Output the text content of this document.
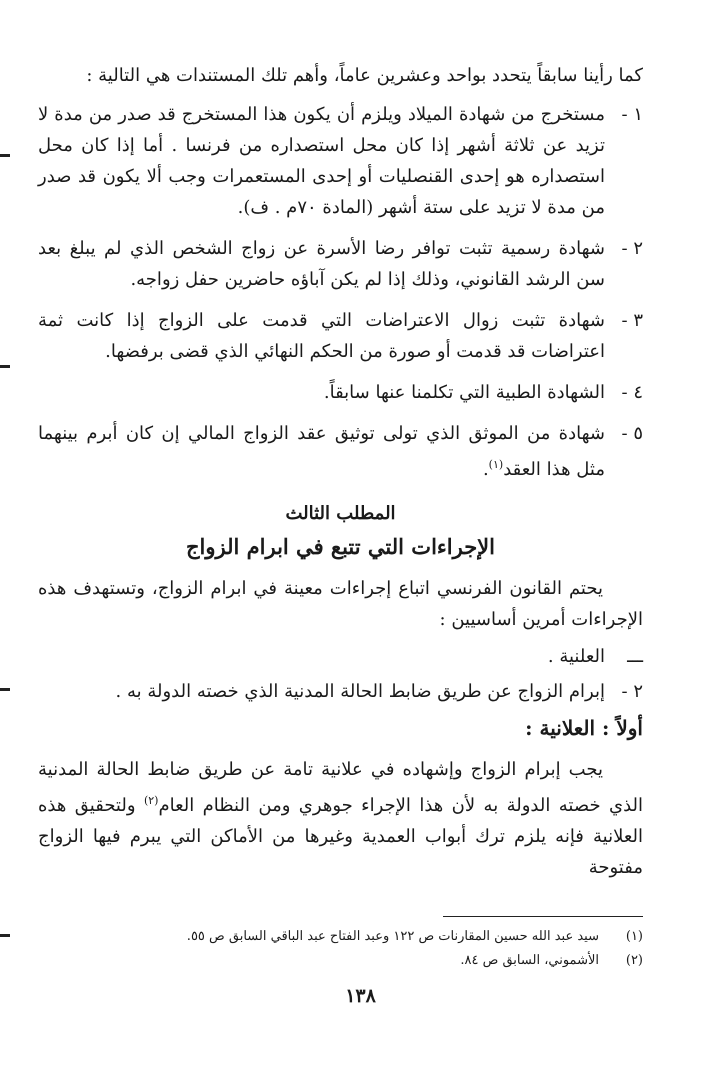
كما رأينا سابقاً يتحدد بواحد وعشرين عاماً، وأهم تلك المستندات هي التالية :

١ -
مستخرج من شهادة الميلاد ويلزم أن يكون هذا المستخرج قد صدر من مدة لا تزيد عن ثلاثة أشهر إذا كان محل استصداره من فرنسا . أما إذا كان محل استصداره هو إحدى القنصليات أو إحدى المستعمرات وجب ألا يكون قد صدر من مدة لا تزيد على ستة أشهر (المادة ٧٠م . ف).
٢ -
شهادة رسمية تثبت توافر رضا الأسرة عن زواج الشخص الذي لم يبلغ بعد سن الرشد القانوني، وذلك إذا لم يكن آباؤه حاضرين حفل زواجه.
٣ -
شهادة تثبت زوال الاعتراضات التي قدمت على الزواج إذا كانت ثمة اعتراضات قد قدمت أو صورة من الحكم النهائي الذي قضى برفضها.
٤ -
الشهادة الطبية التي تكلمنا عنها سابقاً.
٥ -
شهادة من الموثق الذي تولى توثيق عقد الزواج المالي إن كان أبرم بينهما مثل هذا العقد$^{(١)}$.
المطلب الثالث
الإجراءات التي تتبع في ابرام الزواج

يحتم القانون الفرنسي اتباع إجراءات معينة في ابرام الزواج، وتستهدف هذه الإجراءات أمرين أساسيين :

ـــ
العلنية .
٢ -
إبرام الزواج عن طريق ضابط الحالة المدنية الذي خصته الدولة به .
أولاً : العلانية :

يجب إبرام الزواج وإشهاده في علانية تامة عن طريق ضابط الحالة المدنية الذي خصته الدولة به لأن هذا الإجراء جوهري ومن النظام العام$^{(٢)}$ ولتحقيق هذه العلانية فإنه يلزم ترك أبواب العمدية وغيرها من الأماكن التي يبرم فيها الزواج مفتوحة

(١)
سيد عبد الله حسين المقارنات ص ١٢٢ وعبد الفتاح عبد الباقي السابق ص ٥٥.
(٢)
الأشموني، السابق ص ٨٤.
١٣٨
